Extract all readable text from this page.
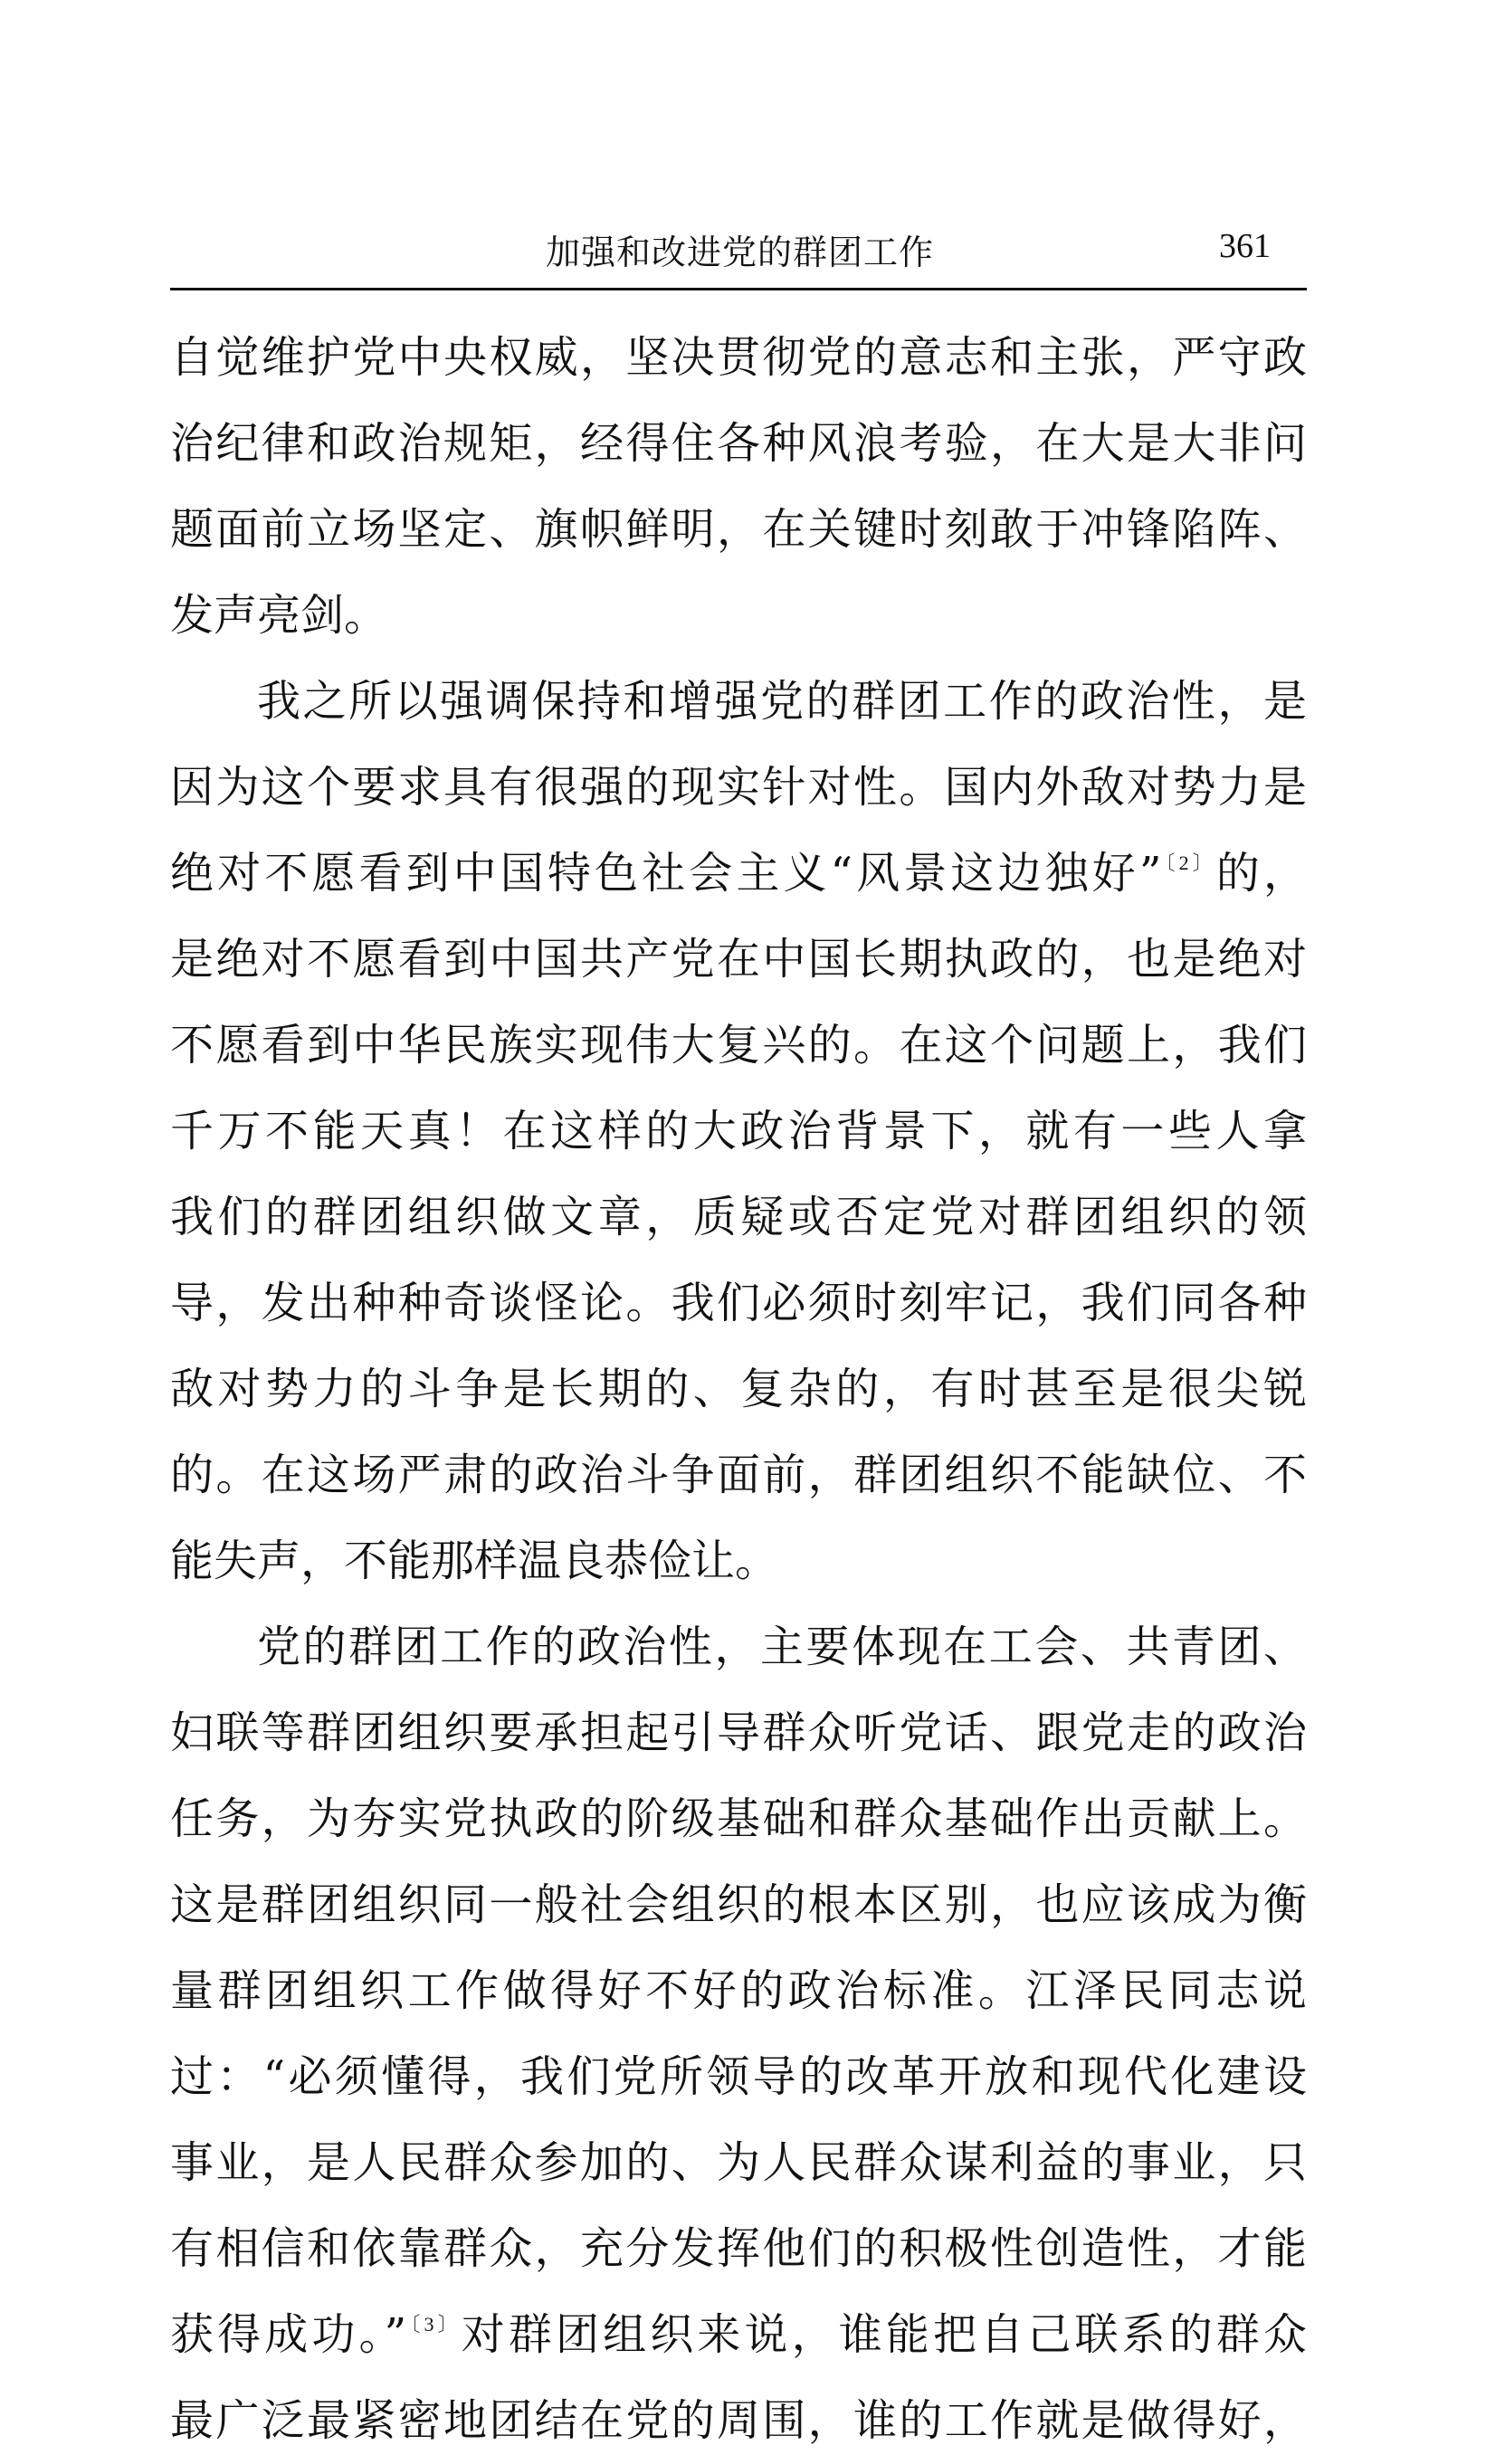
加强和改进党的群团工作	361
自觉维护党中央权威，坚决贯彻党的意志和主张，严守政
治纪律和政治规矩，经得住各种风浪考验，在大是大非问
题面前立场坚定、旗帜鲜明，在关键时刻敢于冲锋陷阵、
发声亮剑。
我之所以强调保持和增强党的群团工作的政治性，是
因为这个要求具有很强的现实针对性。国内外敌对势力是
绝对不愿看到中国特色社会主义“风景这边独好”$^{〔2〕}$的，
是绝对不愿看到中国共产党在中国长期执政的，也是绝对
不愿看到中华民族实现伟大复兴的。在这个问题上，我们
千万不能天真！在这样的大政治背景下，就有一些人拿
我们的群团组织做文章，质疑或否定党对群团组织的领
导，发出种种奇谈怪论。我们必须时刻牢记，我们同各种
敌对势力的斗争是长期的、复杂的，有时甚至是很尖锐
的。在这场严肃的政治斗争面前，群团组织不能缺位、不
能失声，不能那样温良恭俭让。
党的群团工作的政治性，主要体现在工会、共青团、
妇联等群团组织要承担起引导群众听党话、跟党走的政治
任务，为夯实党执政的阶级基础和群众基础作出贡献上。
这是群团组织同一般社会组织的根本区别，也应该成为衡
量群团组织工作做得好不好的政治标准。江泽民同志说
过：“必须懂得，我们党所领导的改革开放和现代化建设
事业，是人民群众参加的、为人民群众谋利益的事业，只
有相信和依靠群众，充分发挥他们的积极性创造性，才能
获得成功。”$^{〔3〕}$对群团组织来说，谁能把自己联系的群众
最广泛最紧密地团结在党的周围，谁的工作就是做得好，
